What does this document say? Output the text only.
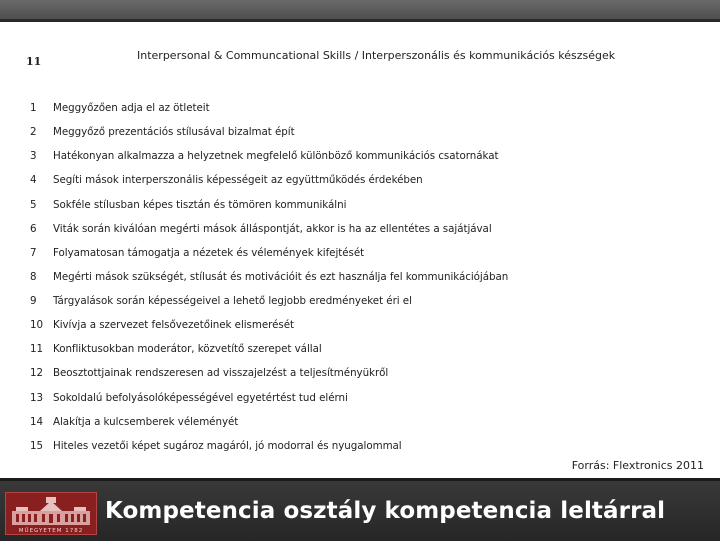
11	Interpersonal & Communcational Skills / Interperszonális és kommunikációs készségek
1 Meggyőzően adja el az ötleteit
2 Meggyőző prezentációs stílusával bizalmat épít
3 Hatékonyan alkalmazza a helyzetnek megfelelő különböző kommunikációs csatornákat
4 Segíti mások interperszonális képességeit az együttműködés érdekében
5 Sokféle stílusban képes tisztán és tömören kommunikálni
6 Viták során kiválóan megérti mások álláspontját, akkor is ha az ellentétes a sajátjával
7 Folyamatosan támogatja a nézetek és vélemények kifejtését
8 Megérti mások szükségét, stílusát és motivációit és ezt használja fel kommunikációjában
9 Tárgyalások során képességeivel a lehető legjobb eredményeket éri el
10 Kivívja a szervezet felsővezetőinek elismerését
11 Konfliktusokban moderátor, közvetítő szerepet vállal
12 Beosztottjainak rendszeresen ad visszajelzést a teljesítményükről
13 Sokoldalú befolyásolóképességével egyetértést tud elérni
14 Alakítja a kulcsemberek véleményét
15 Hiteles vezetői képet sugároz magáról, jó modorral és nyugalommal
Forrás: Flextronics 2011
MŰEGYETEM 1782
Kompetencia osztály kompetencia leltárral
